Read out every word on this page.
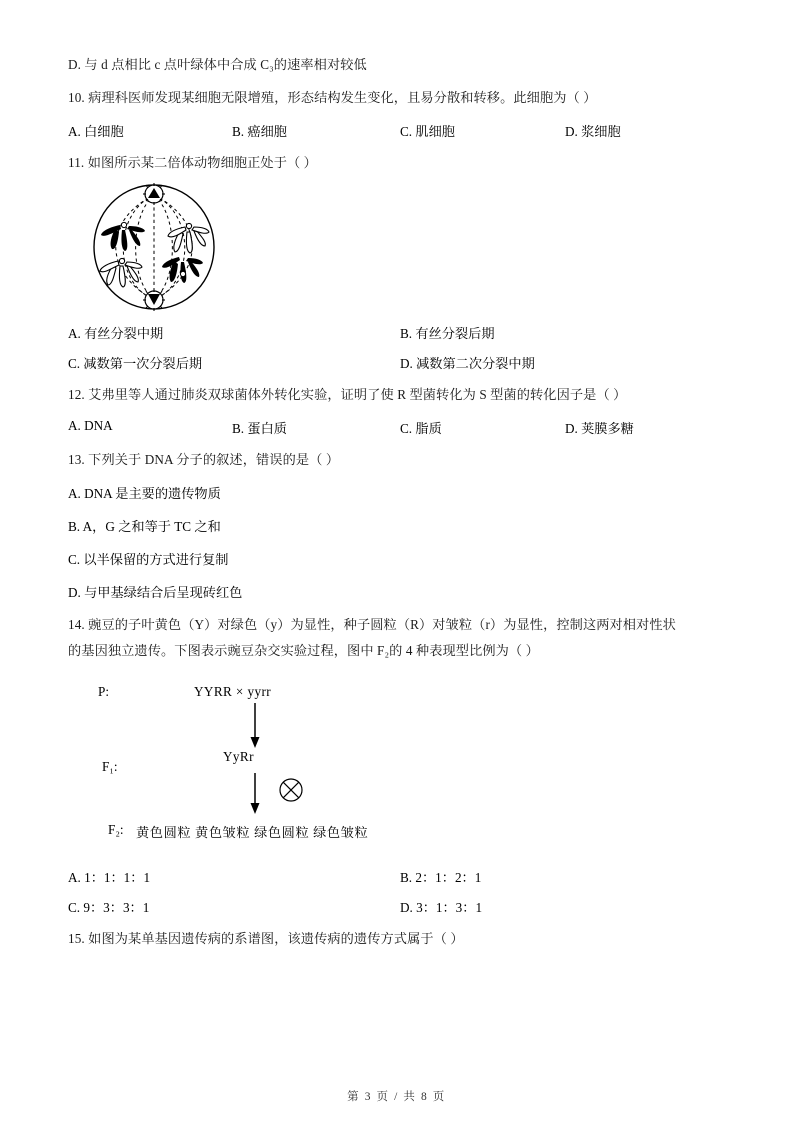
D. 与 d 点相比 c 点叶绿体中合成 C₃的速率相对较低

10. 病理科医师发现某细胞无限增殖，形态结构发生变化，且易分散和转移。此细胞为（ ）

A. 白细胞	B. 癌细胞	C. 肌细胞	D. 浆细胞

11. 如图所示某二倍体动物细胞正处于（ ）

A. 有丝分裂中期	B. 有丝分裂后期
C. 减数第一次分裂后期	D. 减数第二次分裂中期

12. 艾弗里等人通过肺炎双球菌体外转化实验，证明了使 R 型菌转化为 S 型菌的转化因子是（ ）

A. DNA	B. 蛋白质	C. 脂质	D. 荚膜多糖

13. 下列关于 DNA 分子的叙述，错误的是（ ）

A. DNA 是主要的遗传物质
B. A，G 之和等于 TC 之和
C. 以半保留的方式进行复制
D. 与甲基绿结合后呈现砖红色

14. 豌豆的子叶黄色（Y）对绿色（y）为显性，种子圆粒（R）对皱粒（r）为显性，控制这两对相对性状

的基因独立遗传。下图表示豌豆杂交实验过程，图中 F₂的 4 种表现型比例为（ ）

P:	YYRR × yyrr
F₁:
YyRr
F₂: 黄色圆粒 黄色皱粒 绿色圆粒 绿色皱粒
A. 1：1：1：1	B. 2：1：2：1
C. 9：3：3：1	D. 3：1：3：1

15. 如图为某单基因遗传病的系谱图，该遗传病的遗传方式属于（ ）

第 3 页 / 共 8 页
